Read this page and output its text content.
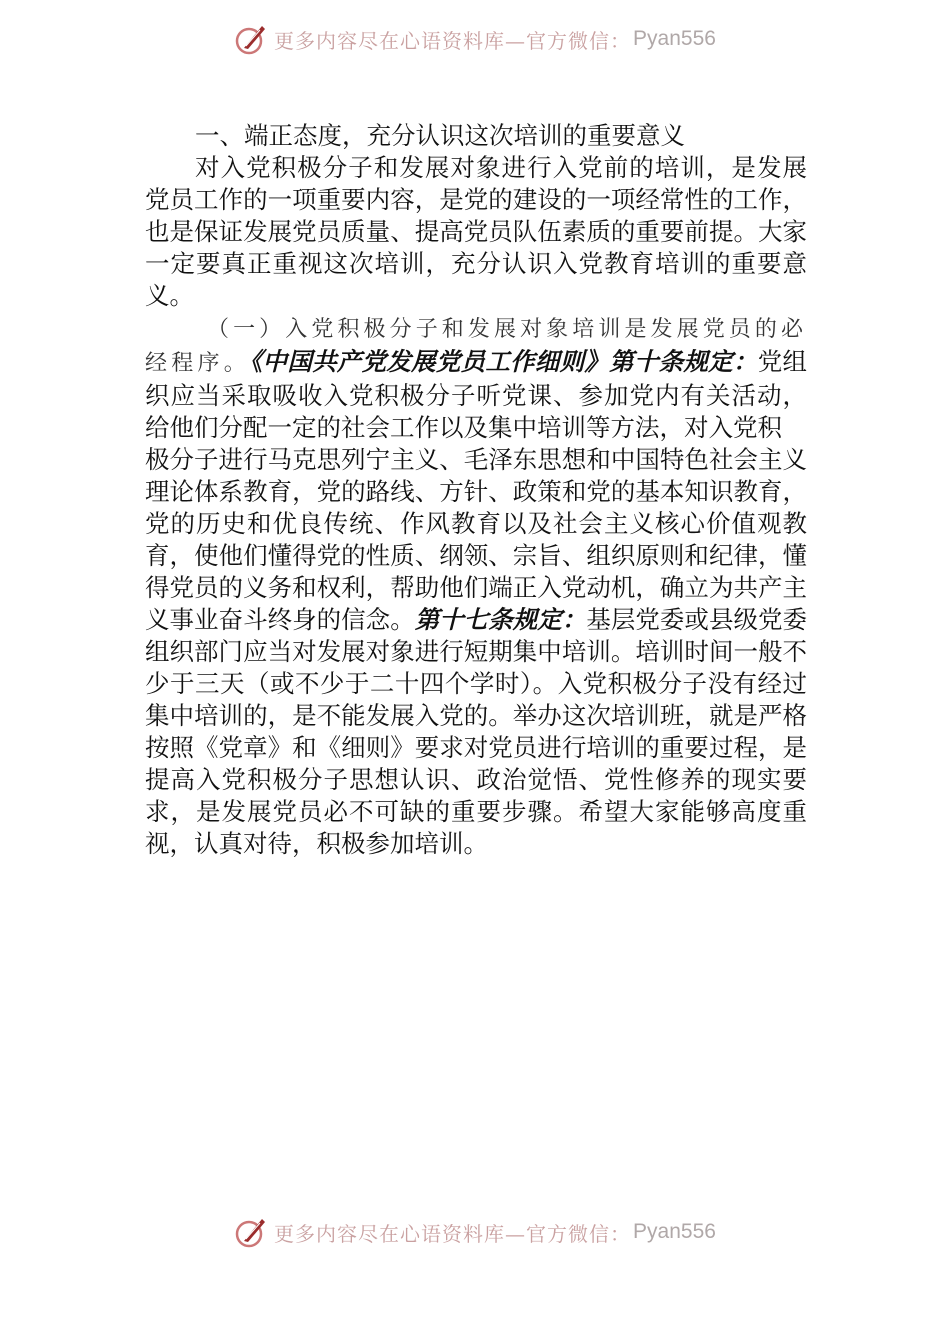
更多内容尽在心语资料库—官方微信： Pyan556

一、端正态度，充分认识这次培训的重要意义

对入党积极分子和发展对象进行入党前的培训，是发展党员工作的一项重要内容，是党的建设的一项经常性的工作，也是保证发展党员质量、提高党员队伍素质的重要前提。大家一定要真正重视这次培训，充分认识入党教育培训的重要意义。

（一）入党积极分子和发展对象培训是发展党员的必经程序。《中国共产党发展党员工作细则》第十条规定：党组织应当采取吸收入党积极分子听党课、参加党内有关活动， 给他们分配一定的社会工作以及集中培训等方法，对入党积

极分子进行马克思列宁主义、毛泽东思想和中国特色社会主义理论体系教育，党的路线、方针、政策和党的基本知识教育，党的历史和优良传统、作风教育以及社会主义核心价值观教育，使他们懂得党的性质、纲领、宗旨、组织原则和纪律，懂得党员的义务和权利，帮助他们端正入党动机，确立为共产主义事业奋斗终身的信念。第十七条规定：基层党委或县级党委组织部门应当对发展对象进行短期集中培训。培训时间一般不少于三天（或不少于二十四个学时）。入党积极分子没有经过集中培训的，是不能发展入党的。举办这次培训班，就是严格按照《党章》和《细则》要求对党员进行培训的重要过程，是提高入党积极分子思想认识、政治觉悟、党性修养的现实要求，是发展党员必不可缺的重要步骤。希望大家能够高度重视，认真对待，积极参加培训。

更多内容尽在心语资料库—官方微信： Pyan556
